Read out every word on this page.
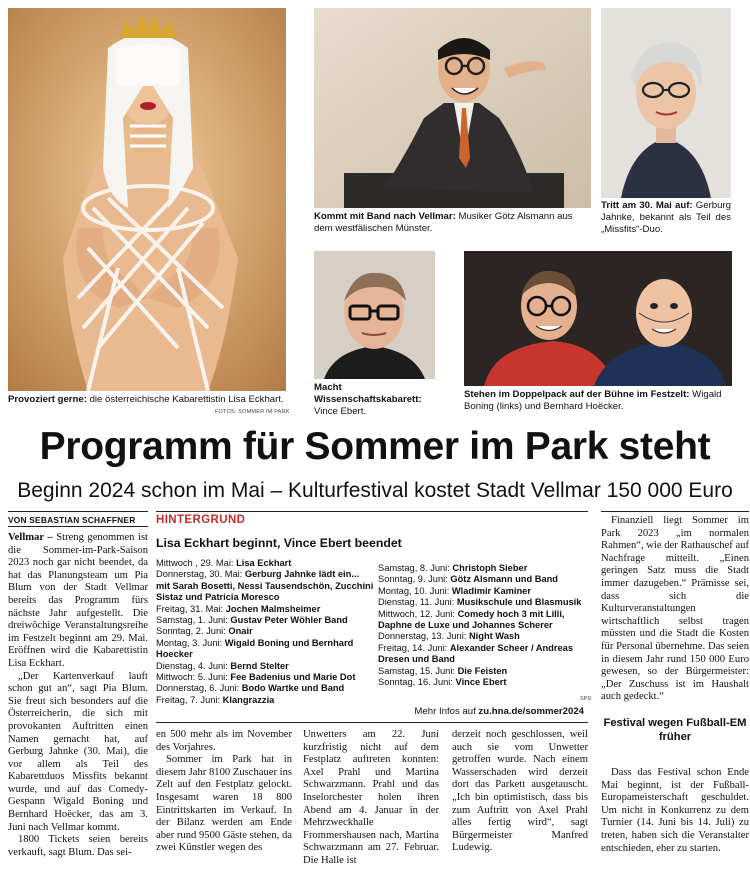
Provoziert gerne: die österreichische Kabarettistin Lisa Eckhart.
FOTOS: SOMMER IM PARK
Kommt mit Band nach Vellmar: Musiker Götz Alsmann aus dem westfälischen Münster.
Tritt am 30. Mai auf: Gerburg Jahnke, bekannt als Teil des „Missfits“-Duo.
Macht Wissenschaftskabarett: Vince Ebert.
Stehen im Doppelpack auf der Bühne im Festzelt: Wigald Boning (links) und Bernhard Hoëcker.
Programm für Sommer im Park steht
Beginn 2024 schon im Mai – Kulturfestival kostet Stadt Vellmar 150 000 Euro
VON SEBASTIAN SCHAFFNER

Vellmar – Streng genommen ist die Sommer-im-Park-Saison 2023 noch gar nicht beendet, da hat das Planungsteam um Pia Blum von der Stadt Vellmar bereits das Programm fürs nächste Jahr aufgestellt. Die dreiwöchige Veranstaltungsreihe im Festzelt beginnt am 29. Mai. Eröffnen wird die Kabarettistin Lisa Eckhart.

„Der Kartenverkauf lauft schon gut an“, sagt Pia Blum. Sie freut sich besonders auf die Österreicherin, die sich mit provokanten Auftritten einen Namen gemacht hat, auf Gerburg Jahnke (30. Mai), die vor allem als Teil des Kabarettduos Missfits bekannt wurde, und auf das Comedy-Gespann Wigald Boning und Bernhard Hoëcker, das am 3. Juni nach Vellmar kommt.

1800 Tickets seien bereits verkauft, sagt Blum. Das sei-

HINTERGRUND
Lisa Eckhart beginnt, Vince Ebert beendet
Mittwoch , 29. Mai: Lisa Eckhart
Donnerstag, 30. Mai: Gerburg Jahnke lädt ein...
mit Sarah Bosetti, Nessi Tausendschön, Zucchini
Sistaz und Patricia Moresco
Freitag, 31. Mai: Jochen Malmsheimer
Samstag, 1. Juni: Gustav Peter Wöhler Band
Sonntag, 2. Juni: Onair
Montag, 3. Juni: Wigald Boning und Bernhard
Hoecker
Dienstag, 4. Juni: Bernd Stelter
Mittwoch: 5. Juni: Fee Badenius und Marie Dot
Donnerstag, 6. Juni: Bodo Wartke und Band
Freitag, 7. Juni: Klangrazzia
Samstag, 8. Juni: Christoph Sieber
Sonntag, 9. Juni: Götz Alsmann und Band
Montag, 10. Juni: Wladimir Kaminer
Dienstag, 11. Juni: Musikschule und Blasmusik
Mittwoch, 12. Juni: Comedy hoch 3 mit Lilli,
Daphne de Luxe und Johannes Scherer
Donnerstag, 13. Juni: Night Wash
Freitag, 14. Juni: Alexander Scheer / Andreas
Dresen und Band
Samstag, 15. Juni: Die Feisten
Sonntag, 16. Juni: Vince Ebert
SPS
Mehr Infos auf zu.hna.de/sommer2024

en 500 mehr als im November des Vorjahres.

Sommer im Park hat in diesem Jahr 8100 Zuschauer ins Zelt auf den Festplatz gelockt. Insgesamt waren 18 800 Eintrittskarten im Verkauf. In der Bilanz werden am Ende aber rund 9500 Gäste stehen, da zwei Künstler wegen des

Unwetters am 22. Juni kurzfristig nicht auf dem Festplatz auftreten konnten: Axel Prahl und Martina Schwarzmann. Prahl und das Inselorchester holen ihren Abend am 4. Januar in der Mehrzweckhalle Frommershausen nach, Martina Schwarzmann am 27. Februar. Die Halle ist

derzeit noch geschlossen, weil auch sie vom Unwetter getroffen wurde. Nach einem Wasserschaden wird derzeit dort das Parkett ausgetauscht. „Ich bin optimistisch, dass bis zum Auftritt von Axel Prahl alles fertig wird“, sagt Bürgermeister Manfred Ludewig.

Finanziell liegt Sommer im Park 2023 „im normalen Rahmen“, wie der Rathauschef auf Nachfrage mitteilt. „Einen geringen Satz muss die Stadt immer dazugeben.“ Prämisse sei, dass sich die Kulturveranstaltungen wirtschaftlich selbst tragen müssten und die Stadt die Kosten für Personal übernehme. Das seien in diesem Jahr rund 150 000 Euro gewesen, so der Bürgermeister: „Der Zuschuss ist im Haushalt auch gedeckt.“

Festival wegen Fußball-EM früher

Dass das Festival schon Ende Mai beginnt, ist der Fußball-Europameisterschaft geschuldet. Um nicht in Konkurrenz zu dem Turnier (14. Juni bis 14. Juli) zu treten, haben sich die Veranstalter entschieden, eher zu starten.
